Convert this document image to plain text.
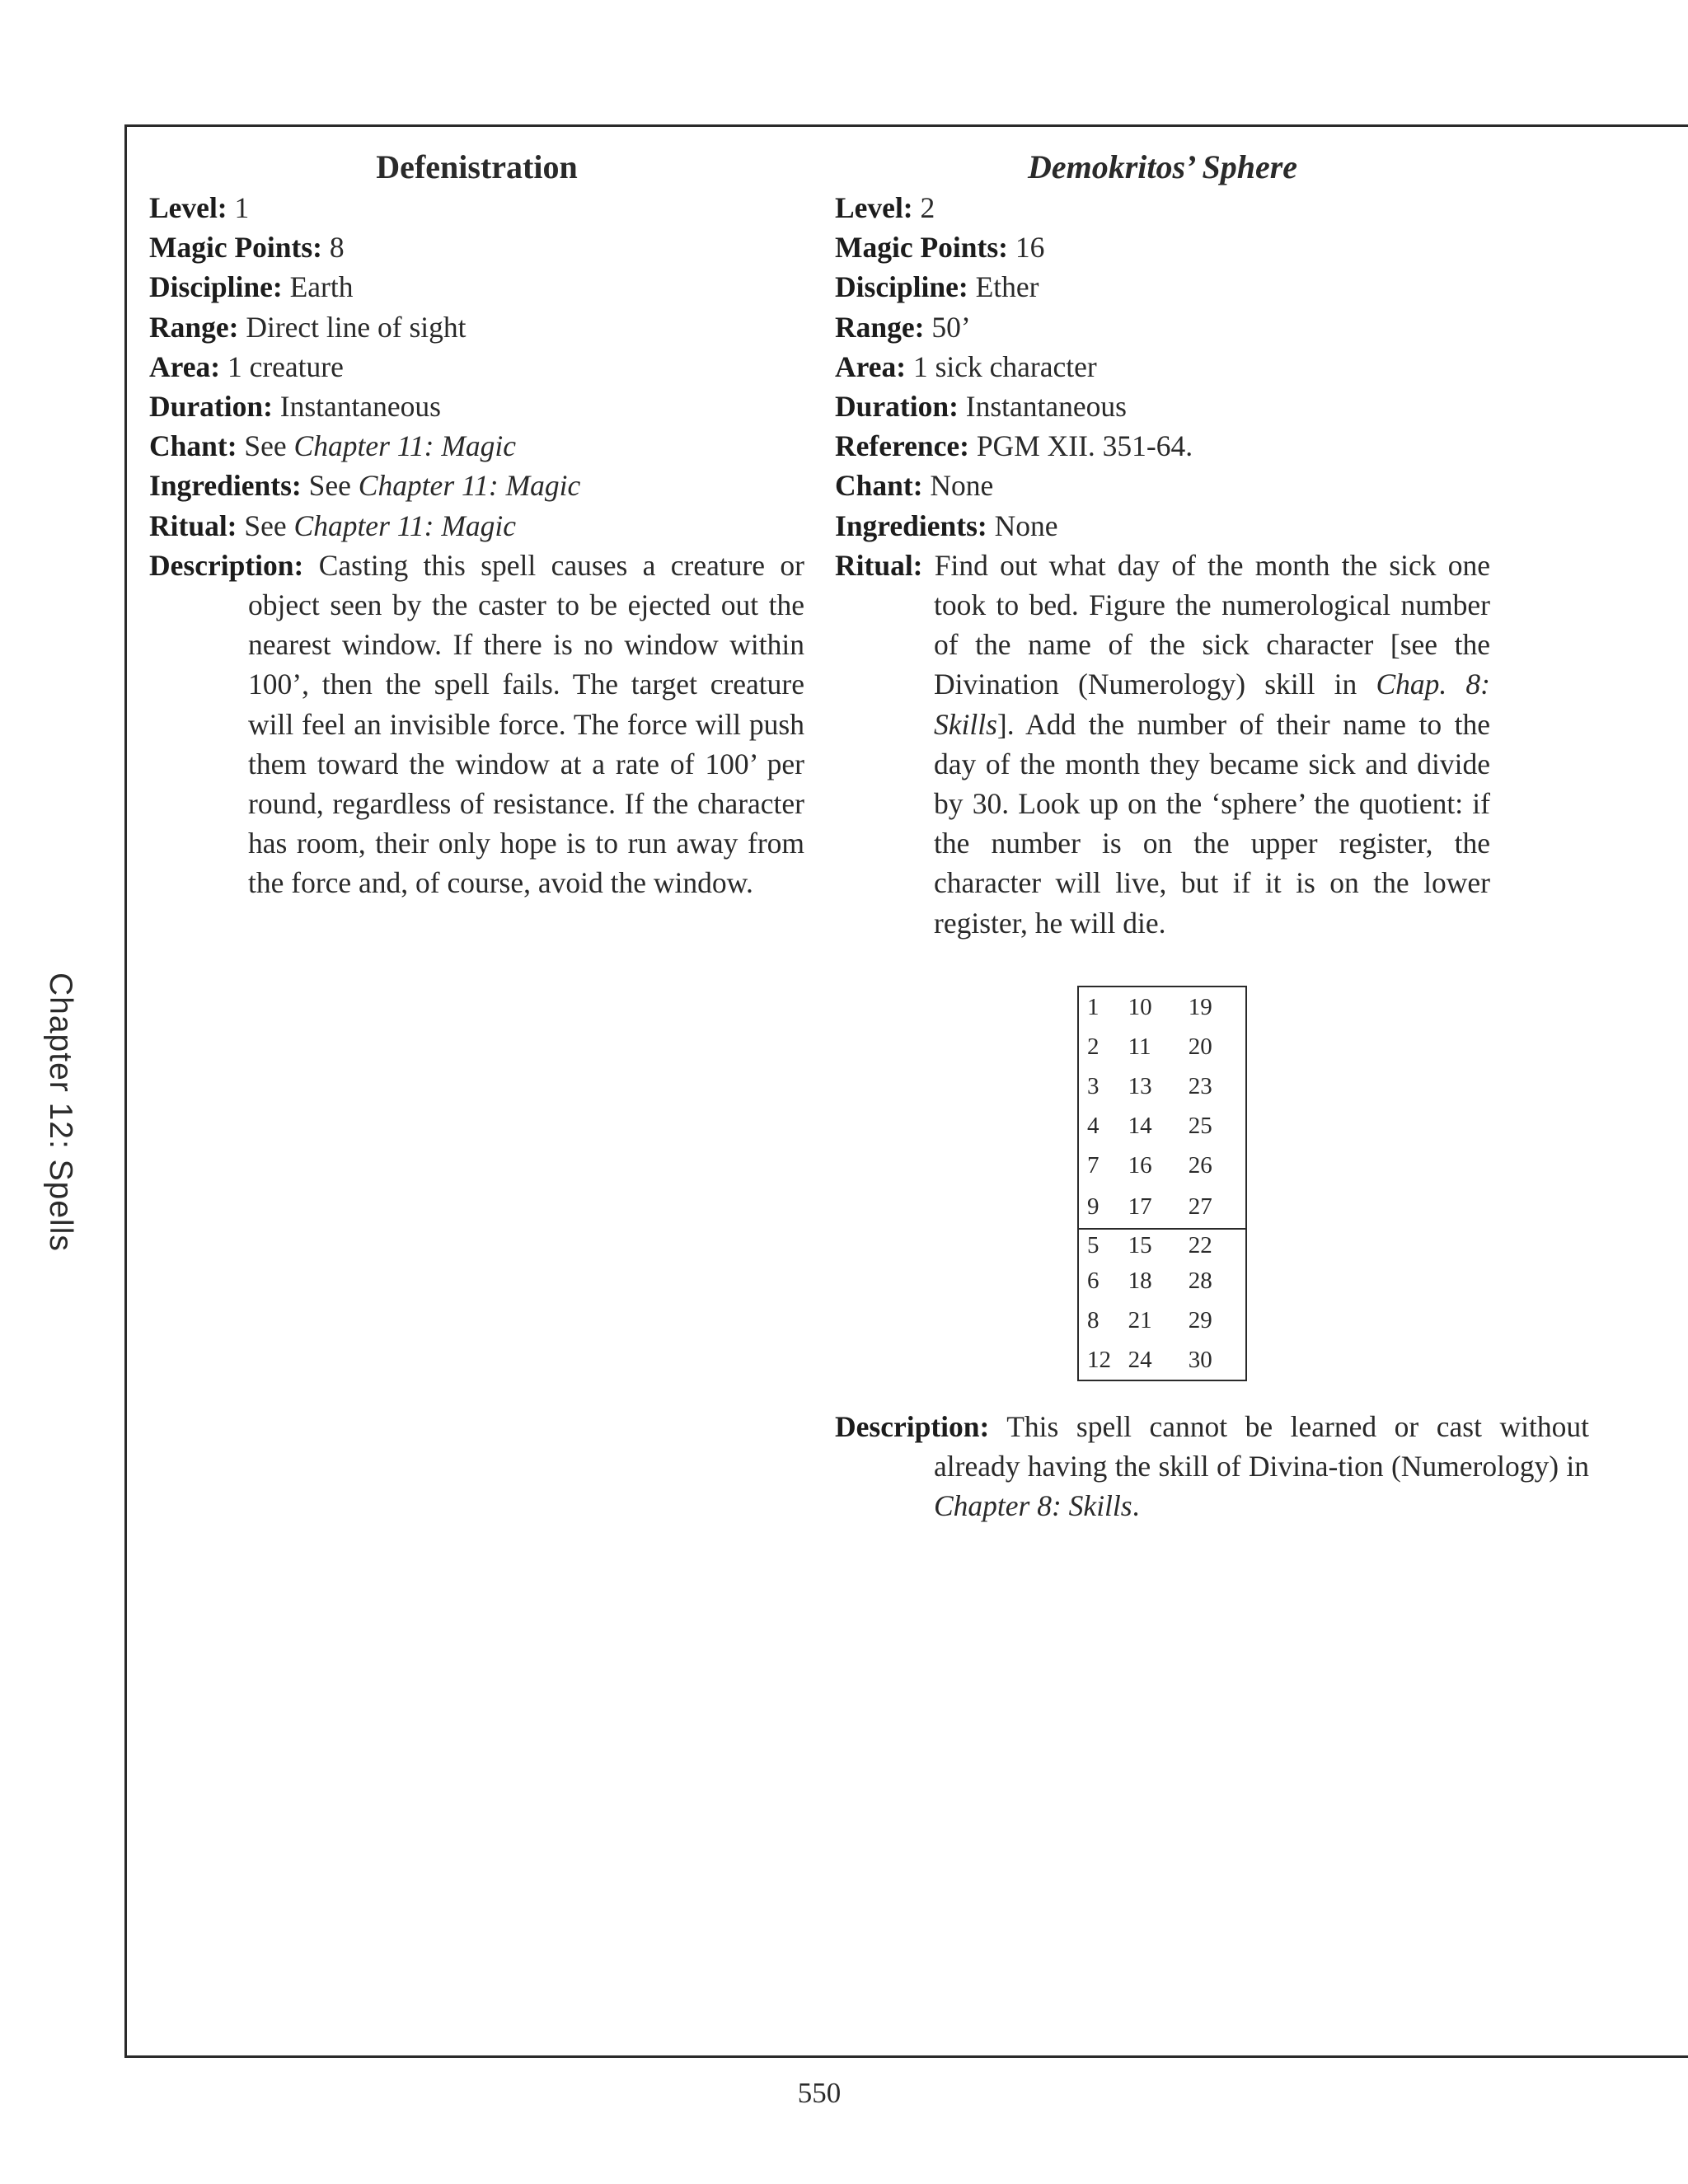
Chapter 12: Spells
Defenistration
Level: 1
Magic Points: 8
Discipline: Earth
Range: Direct line of sight
Area: 1 creature
Duration: Instantaneous
Chant: See Chapter 11: Magic
Ingredients: See Chapter 11: Magic
Ritual: See Chapter 11: Magic
Description: Casting this spell causes a creature or object seen by the caster to be ejected out the nearest window. If there is no window within 100’, then the spell fails. The target creature will feel an invisible force. The force will push them toward the window at a rate of 100’ per round, regardless of resistance. If the character has room, their only hope is to run away from the force and, of course, avoid the window.
Demokritos’ Sphere
Level: 2
Magic Points: 16
Discipline: Ether
Range: 50’
Area: 1 sick character
Duration: Instantaneous
Reference: PGM XII. 351-64.
Chant: None
Ingredients: None
Ritual: Find out what day of the month the sick one took to bed. Figure the numerological number of the name of the sick character [see the Divination (Numerology) skill in Chap. 8: Skills]. Add the number of their name to the day of the month they became sick and divide by 30. Look up on the ‘sphere’ the quotient: if the number is on the upper register, the character will live, but if it is on the lower register, he will die.
1	10	19
2	11	20
3	13	23
4	14	25
7	16	26
9	17	27
5	15	22
6	18	28
8	21	29
12	24	30
Description: This spell cannot be learned or cast without already having the skill of Divina-tion (Numerology) in Chapter 8: Skills.
550
